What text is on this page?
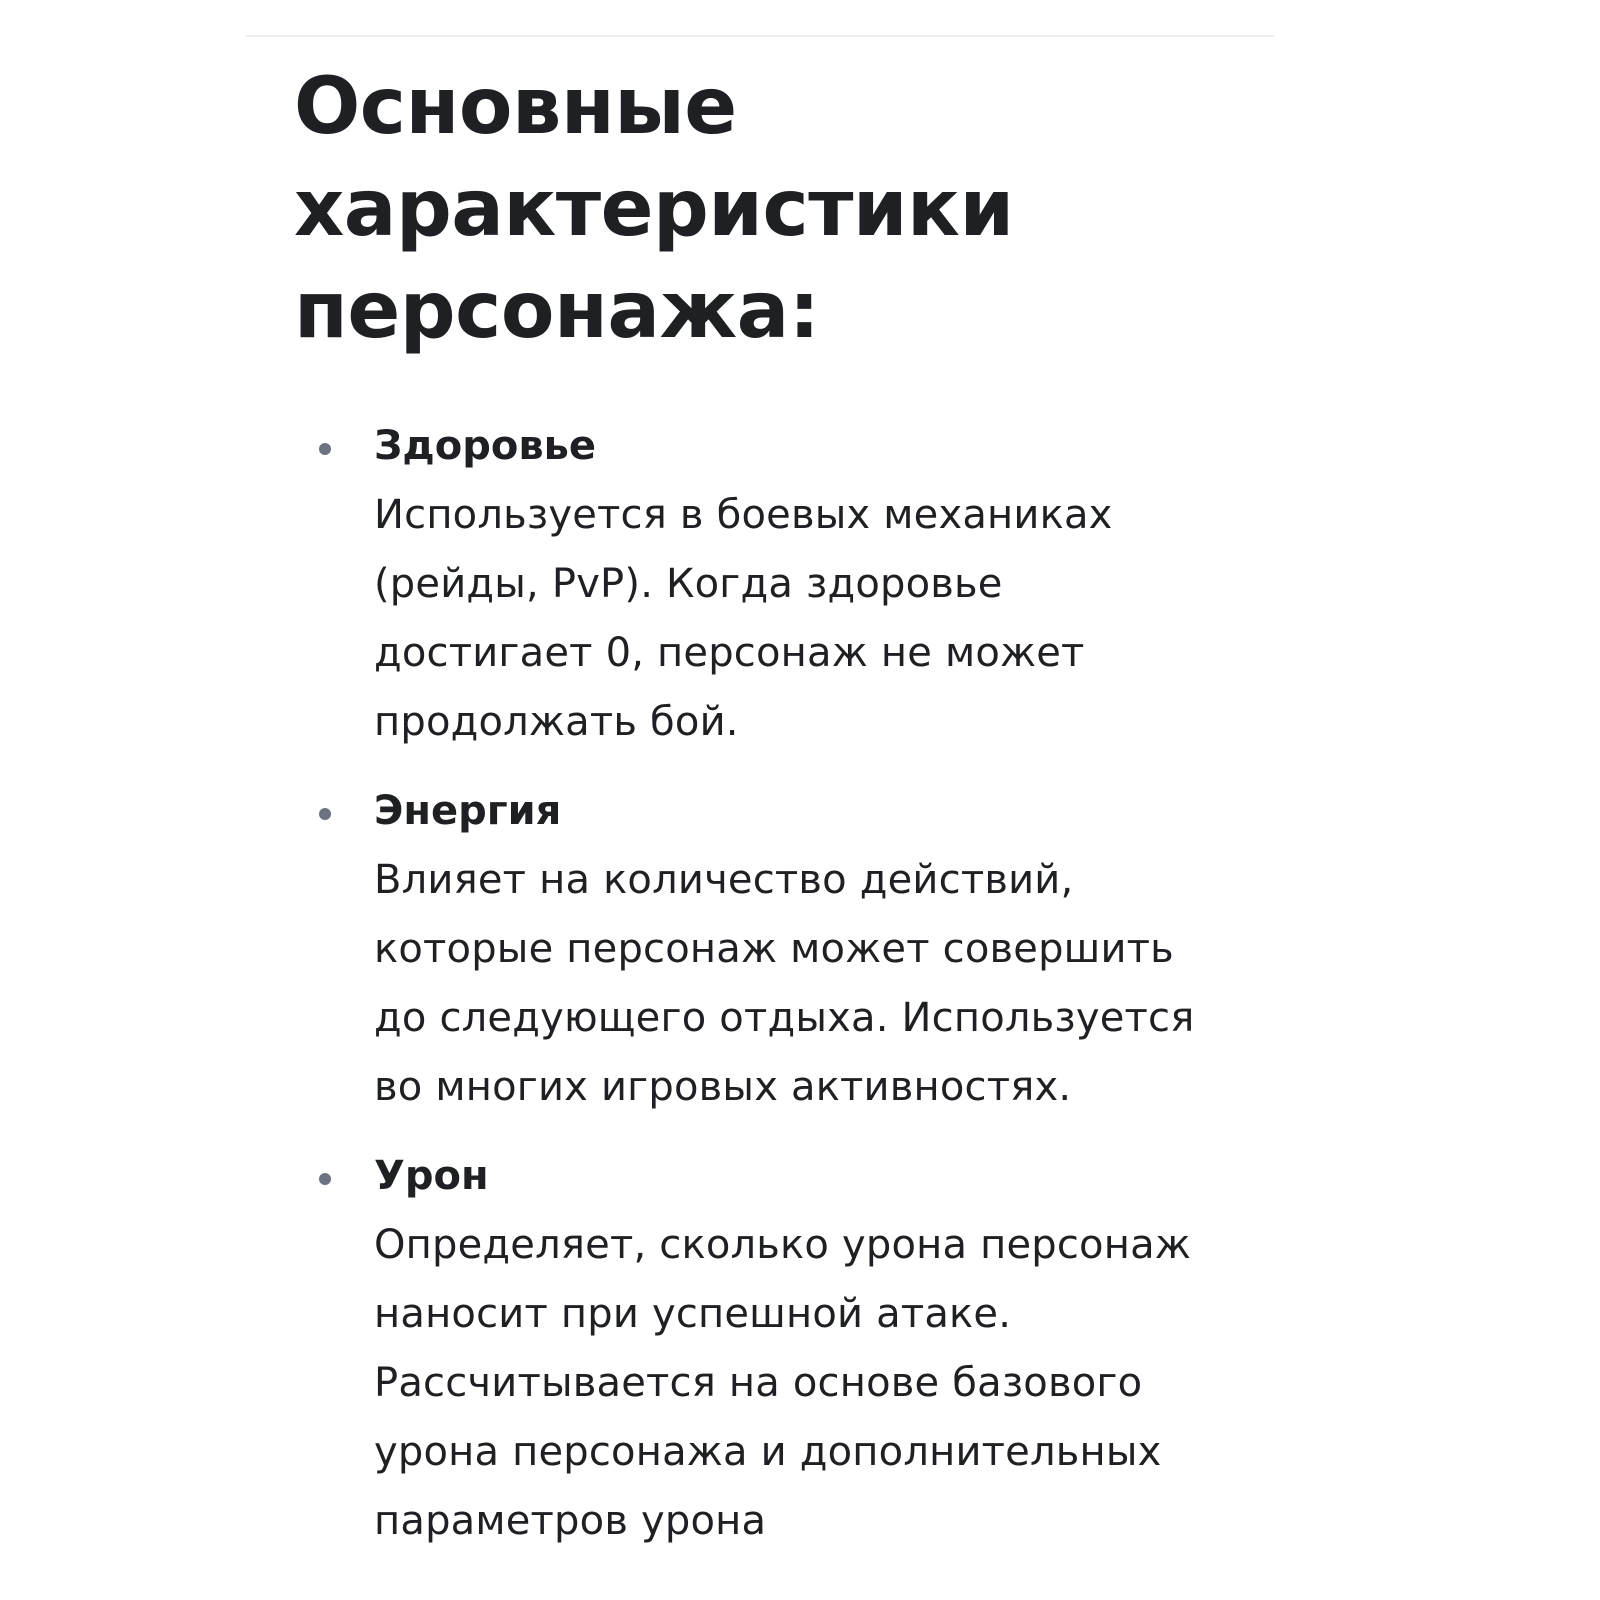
Основные характеристики персонажа:
Здоровье
Используется в боевых механиках (рейды, PvP). Когда здоровье достигает 0, персонаж не может продолжать бой.
Энергия
Влияет на количество действий, которые персонаж может совершить до следующего отдыха. Используется во многих игровых активностях.
Урон
Определяет, сколько урона персонаж наносит при успешной атаке. Рассчитывается на основе базового урона персонажа и дополнительных параметров урона
